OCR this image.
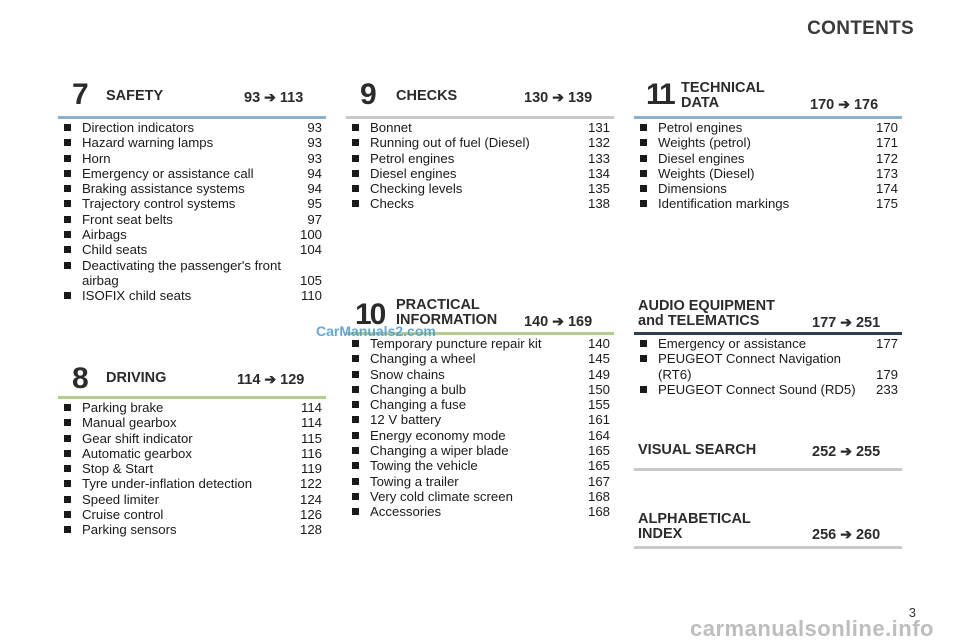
CONTENTS
7 SAFETY	93 ➔ 113
Direction indicators	93
Hazard warning lamps	93
Horn	93
Emergency or assistance call	94
Braking assistance systems	94
Trajectory control systems	95
Front seat belts	97
Airbags	100
Child seats	104
Deactivating the passenger's front airbag	105
ISOFIX child seats	110
8 DRIVING	114 ➔ 129
Parking brake	114
Manual gearbox	114
Gear shift indicator	115
Automatic gearbox	116
Stop & Start	119
Tyre under-inflation detection	122
Speed limiter	124
Cruise control	126
Parking sensors	128
9 CHECKS	130 ➔ 139
Bonnet	131
Running out of fuel (Diesel)	132
Petrol engines	133
Diesel engines	134
Checking levels	135
Checks	138
10 PRACTICAL
INFORMATION 140 ➔ 169
Temporary puncture repair kit	140
Changing a wheel	145
Snow chains	149
Changing a bulb	150
Changing a fuse	155
12 V battery	161
Energy economy mode	164
Changing a wiper blade	165
Towing the vehicle	165
Towing a trailer	167
Very cold climate screen	168
Accessories	168
11 TECHNICAL
DATA	170 ➔ 176
Petrol engines	170
Weights (petrol)	171
Diesel engines	172
Weights (Diesel)	173
Dimensions	174
Identification markings	175
AUDIO EQUIPMENT
and TELEMATICS	177 ➔ 251
Emergency or assistance	177
PEUGEOT Connect Navigation (RT6)	179
PEUGEOT Connect Sound (RD5)	233
VISUAL SEARCH	252 ➔ 255
ALPHABETICAL
INDEX	256 ➔ 260
CarManuals2.com
3
carmanualsonline.info
